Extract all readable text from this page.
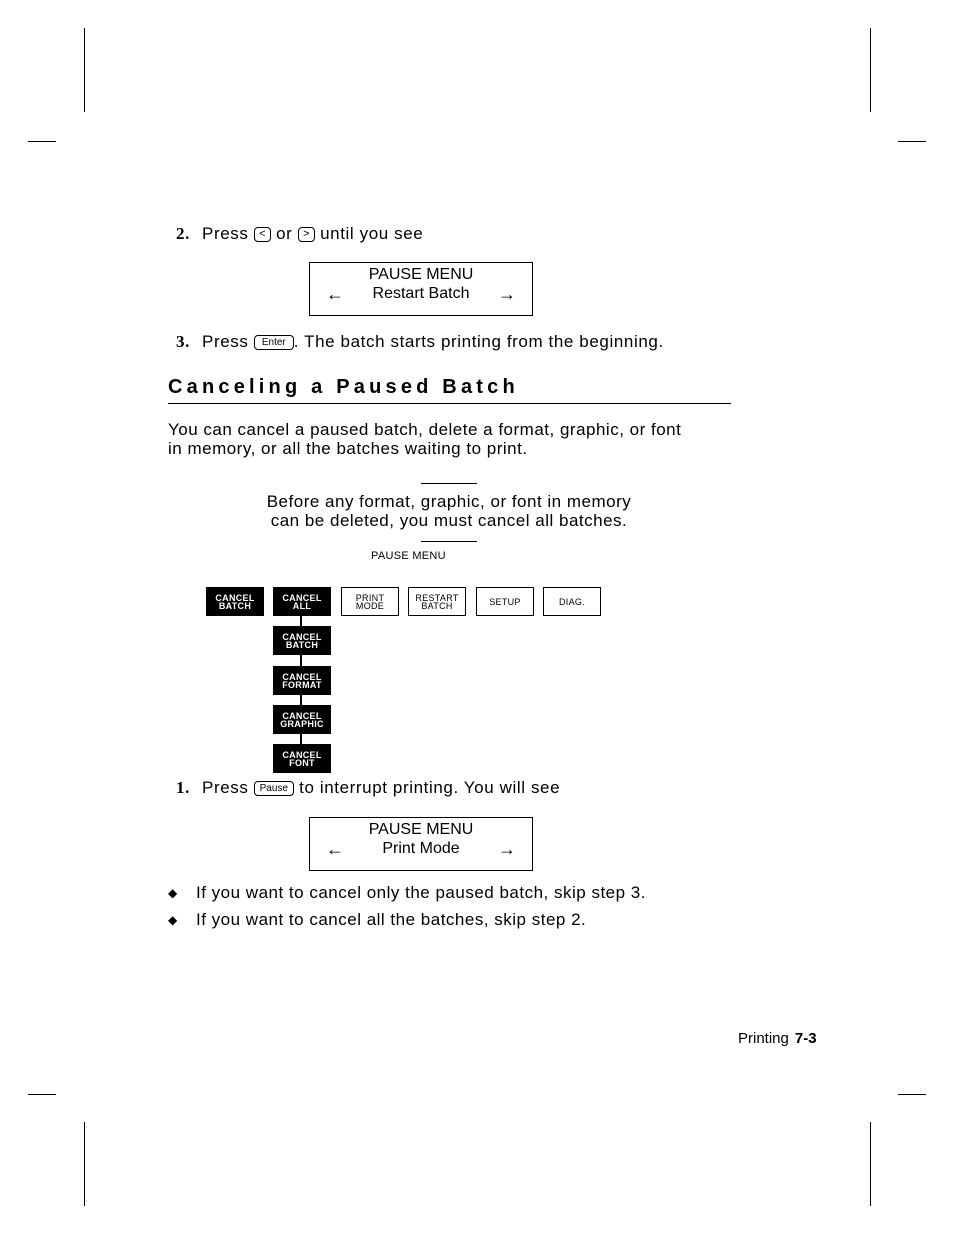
2. Press < or > until you see
PAUSE MENU
←	Restart Batch	→
3. Press Enter . The batch starts printing from the beginning.
Canceling a Paused Batch
You can cancel a paused batch, delete a format, graphic, or font
in memory, or all the batches waiting to print.
Before any format, graphic, or font in memory
can be deleted, you must cancel all batches.
PAUSE MENU
CANCEL
BATCH
CANCEL
ALL
PRINT
MODE
RESTART
BATCH	SETUP	DIAG.
CANCEL
BATCH
CANCEL
FORMAT
CANCEL
GRAPHIC
CANCEL
FONT
1. Press Pause to interrupt printing. You will see
PAUSE MENU
←	Print Mode	→
◆ If you want to cancel only the paused batch, skip step 3.
◆ If you want to cancel all the batches, skip step 2.
Printing 7-3
